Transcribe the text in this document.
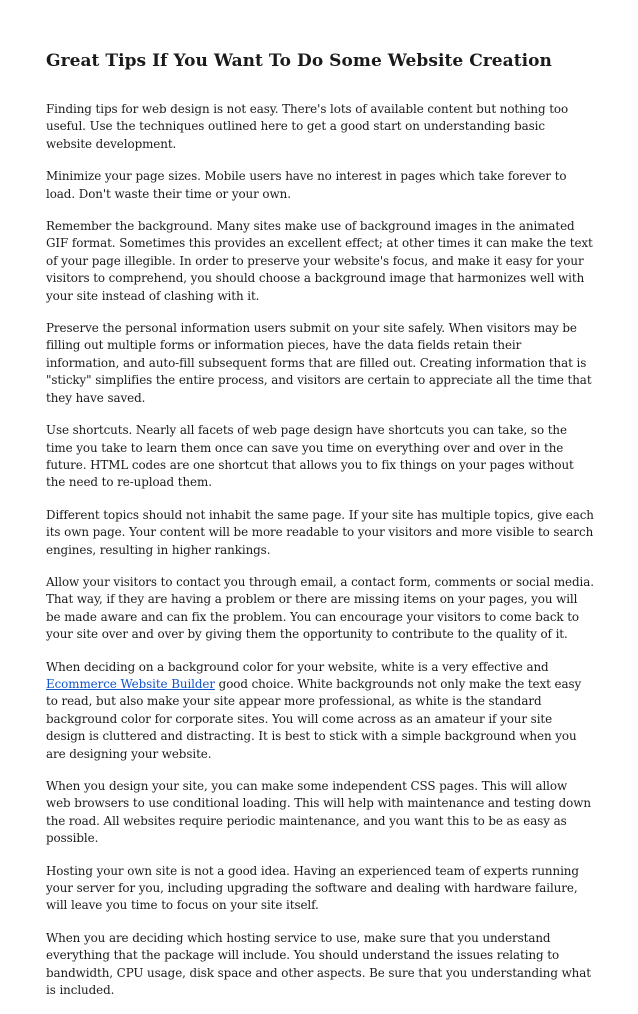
Great Tips If You Want To Do Some Website Creation

Finding tips for web design is not easy. There's lots of available content but nothing too useful. Use the techniques outlined here to get a good start on understanding basic website development.

Minimize your page sizes. Mobile users have no interest in pages which take forever to load. Don't waste their time or your own.

Remember the background. Many sites make use of background images in the animated GIF format. Sometimes this provides an excellent effect; at other times it can make the text of your page illegible. In order to preserve your website's focus, and make it easy for your visitors to comprehend, you should choose a background image that harmonizes well with your site instead of clashing with it.

Preserve the personal information users submit on your site safely. When visitors may be filling out multiple forms or information pieces, have the data fields retain their information, and auto-fill subsequent forms that are filled out. Creating information that is "sticky" simplifies the entire process, and visitors are certain to appreciate all the time that they have saved.

Use shortcuts. Nearly all facets of web page design have shortcuts you can take, so the time you take to learn them once can save you time on everything over and over in the future. HTML codes are one shortcut that allows you to fix things on your pages without the need to re-upload them.

Different topics should not inhabit the same page. If your site has multiple topics, give each its own page. Your content will be more readable to your visitors and more visible to search engines, resulting in higher rankings.

Allow your visitors to contact you through email, a contact form, comments or social media. That way, if they are having a problem or there are missing items on your pages, you will be made aware and can fix the problem. You can encourage your visitors to come back to your site over and over by giving them the opportunity to contribute to the quality of it.

When deciding on a background color for your website, white is a very effective and Ecommerce Website Builder good choice. White backgrounds not only make the text easy to read, but also make your site appear more professional, as white is the standard background color for corporate sites. You will come across as an amateur if your site design is cluttered and distracting. It is best to stick with a simple background when you are designing your website.

When you design your site, you can make some independent CSS pages. This will allow web browsers to use conditional loading. This will help with maintenance and testing down the road. All websites require periodic maintenance, and you want this to be as easy as possible.

Hosting your own site is not a good idea. Having an experienced team of experts running your server for you, including upgrading the software and dealing with hardware failure, will leave you time to focus on your site itself.

When you are deciding which hosting service to use, make sure that you understand everything that the package will include. You should understand the issues relating to bandwidth, CPU usage, disk space and other aspects. Be sure that you understanding what is included.
